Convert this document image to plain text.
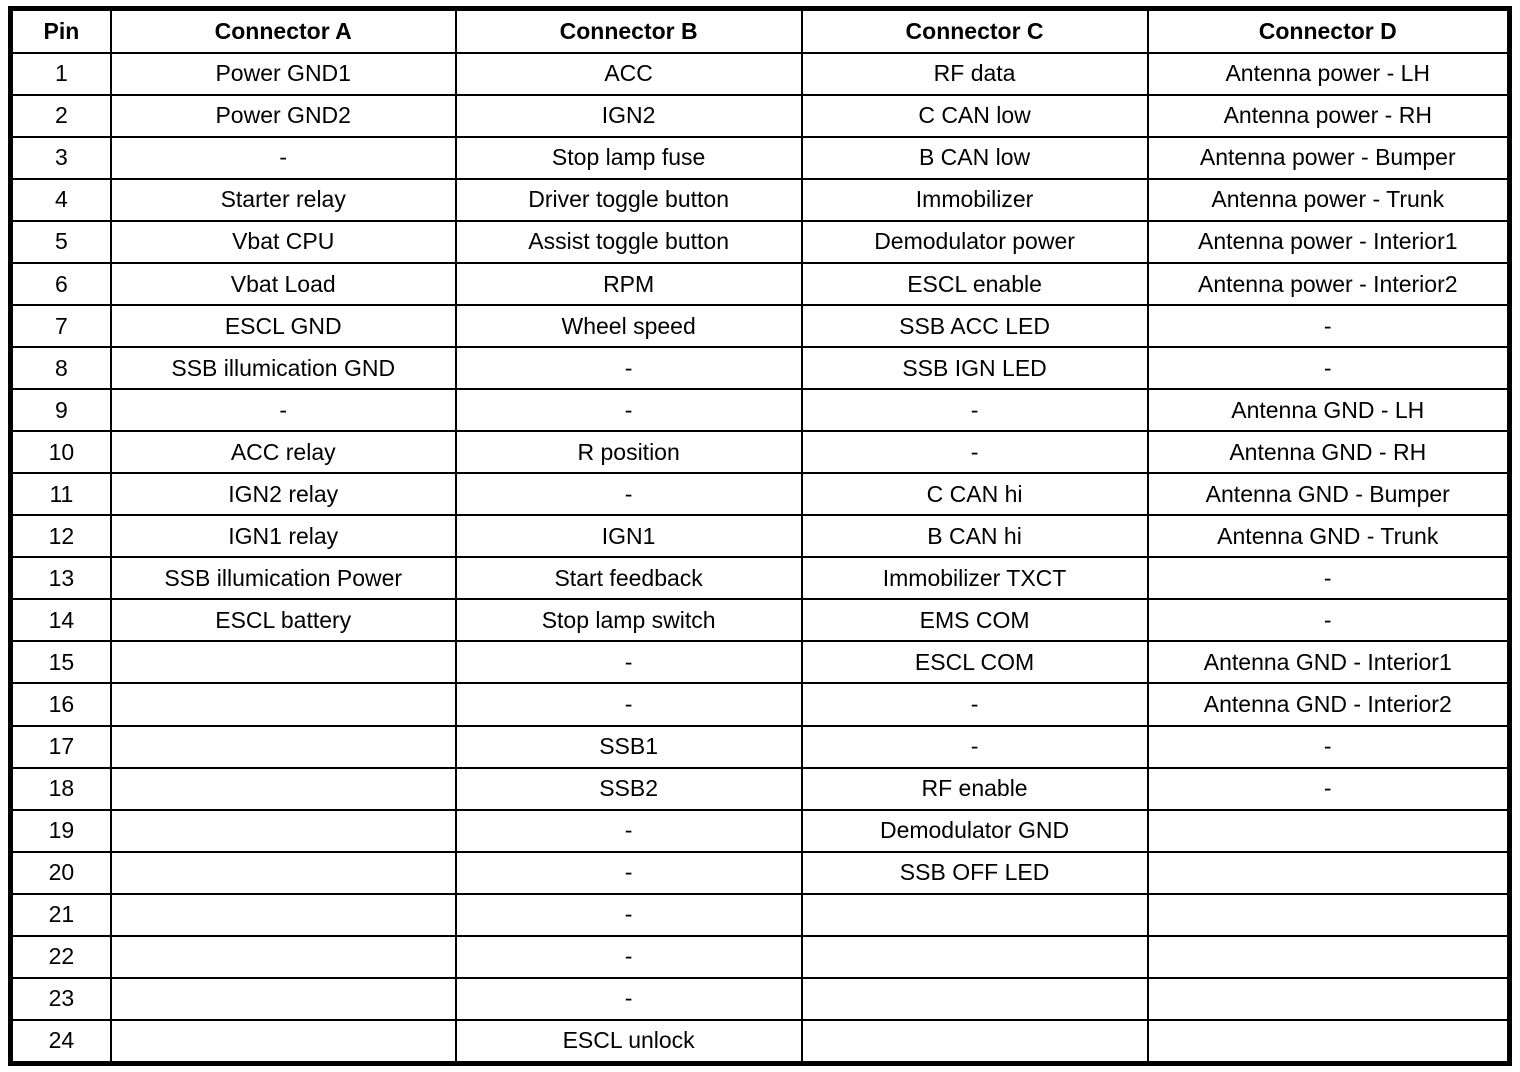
Pin	Connector A	Connector B	Connector C	Connector D
1	Power GND1	ACC	RF data	Antenna power - LH
2	Power GND2	IGN2	C CAN low	Antenna power - RH
3	-	Stop lamp fuse	B CAN low	Antenna power - Bumper
4	Starter relay	Driver toggle button	Immobilizer	Antenna power - Trunk
5	Vbat CPU	Assist toggle button	Demodulator power	Antenna power - Interior1
6	Vbat Load	RPM	ESCL enable	Antenna power - Interior2
7	ESCL GND	Wheel speed	SSB ACC LED	-
8	SSB illumication GND	-	SSB IGN LED	-
9	-	-	-	Antenna GND - LH
10	ACC relay	R position	-	Antenna GND - RH
11	IGN2 relay	-	C CAN hi	Antenna GND - Bumper
12	IGN1 relay	IGN1	B CAN hi	Antenna GND - Trunk
13	SSB illumication Power	Start feedback	Immobilizer TXCT	-
14	ESCL battery	Stop lamp switch	EMS COM	-
15		-	ESCL COM	Antenna GND - Interior1
16		-	-	Antenna GND - Interior2
17		SSB1	-	-
18		SSB2	RF enable	-
19		-	Demodulator GND	
20		-	SSB OFF LED	
21		-		
22		-		
23		-		
24		ESCL unlock		
